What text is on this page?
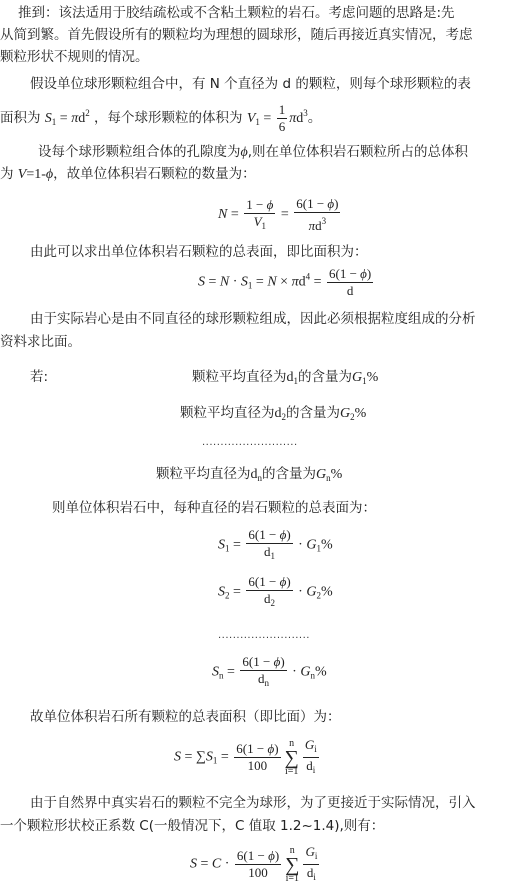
推到：该法适用于胶结疏松或不含粘土颗粒的岩石。考虑问题的思路是:先
从简到繁。首先假设所有的颗粒均为理想的圆球形，随后再接近真实情况，考虑
颗粒形状不规则的情况。
假设单位球形颗粒组合中，有 N 个直径为 d 的颗粒，则每个球形颗粒的表
面积为 $S_1 = \pi d^2$ ，每个球形颗粒的体积为 $V_1 = \frac{1}{6} \pi d^3$。
设每个球形颗粒组合体的孔隙度为ϕ,则在单位体积岩石颗粒所占的总体积
为 V=1-ϕ，故单位体积岩石颗粒的数量为：
$N = \frac{1 - \phi}{V_1} = \frac{6(1 - \phi)}{\pi d^3}$
由此可以求出单位体积岩石颗粒的总表面，即比面积为：
$S = N \cdot S_1 = N \times \pi d^4 = \frac{6(1 - \phi)}{d}$
由于实际岩心是由不同直径的球形颗粒组成，因此必须根据粒度组成的分析
资料求比面。
若:	颗粒平均直径为$d_1$的含量为$G_1\%$
颗粒平均直径为$d_2$的含量为$G_2\%$
..........................
颗粒平均直径为$d_n$的含量为$G_n\%$
则单位体积岩石中，每种直径的岩石颗粒的总表面为：
$S_1 = \frac{6(1 - \phi)}{d_1} \cdot G_1\%$
$S_2 = \frac{6(1 - \phi)}{d_2} \cdot G_2\%$
.........................
$S_n = \frac{6(1 - \phi)}{d_n} \cdot G_n\%$
故单位体积岩石所有颗粒的总表面积（即比面）为：
$S = \sum S_1 = \frac{6(1 - \phi)}{100}$ n
∑
$i=1 \frac{G_i}{d_i}$
由于自然界中真实岩石的颗粒不完全为球形，为了更接近于实际情况，引入
一个颗粒形状校正系数 C(一般情况下，C 值取 1.2~1.4),则有：
$S = C \cdot \frac{6(1 - \phi)}{100}$ n
∑
$i=1 \frac{G_i}{d_i}$
